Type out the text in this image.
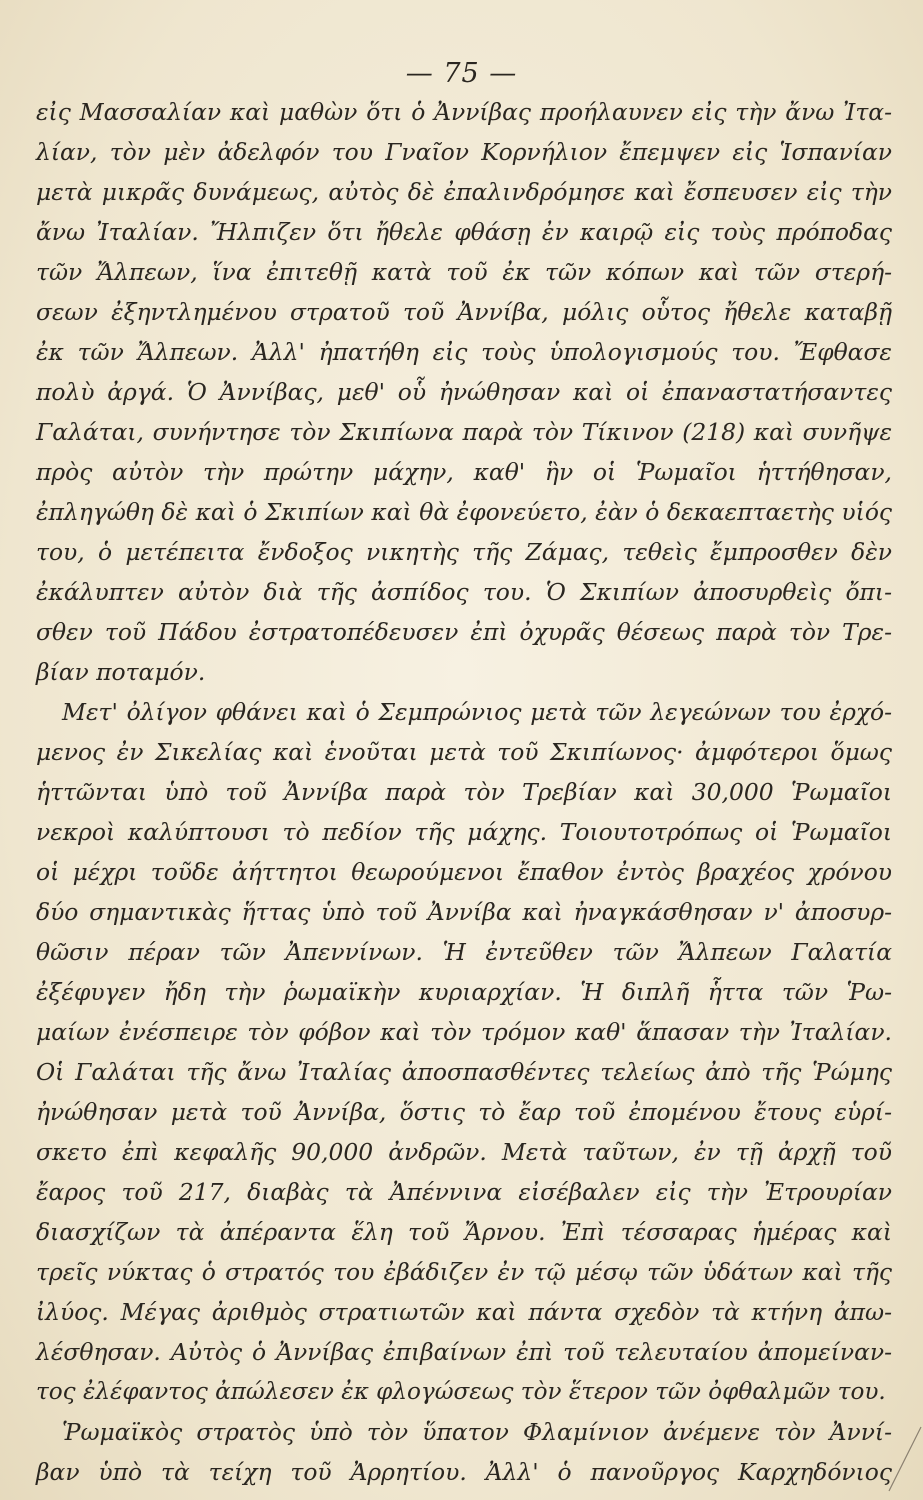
— 75 —
εἰς Μασσαλίαν καὶ μαθὼν ὅτι ὁ Ἀννίβας προήλαυνεν εἰς τὴν ἄνω Ἰτα-
λίαν, τὸν μὲν ἀδελφόν του Γναῖον Κορνήλιον ἔπεμψεν εἰς Ἱσπανίαν
μετὰ μικρᾶς δυνάμεως, αὐτὸς δὲ ἐπαλινδρόμησε καὶ ἔσπευσεν εἰς τὴν
ἄνω Ἰταλίαν. Ἤλπιζεν ὅτι ἤθελε φθάσῃ ἐν καιρῷ εἰς τοὺς πρόποδας
τῶν Ἄλπεων, ἵνα ἐπιτεθῇ κατὰ τοῦ ἐκ τῶν κόπων καὶ τῶν στερή-
σεων ἐξηντλημένου στρατοῦ τοῦ Ἀννίβα, μόλις οὗτος ἤθελε καταβῇ
ἐκ τῶν Ἄλπεων. Ἀλλ' ἠπατήθη εἰς τοὺς ὑπολογισμούς του. Ἔφθασε
πολὺ ἀργά. Ὁ Ἀννίβας, μεθ' οὗ ἠνώθησαν καὶ οἱ ἐπαναστατήσαντες
Γαλάται, συνήντησε τὸν Σκιπίωνα παρὰ τὸν Τίκινον (218) καὶ συνῆψε
πρὸς αὐτὸν τὴν πρώτην μάχην, καθ' ἣν οἱ Ῥωμαῖοι ἡττήθησαν,
ἐπληγώθη δὲ καὶ ὁ Σκιπίων καὶ θὰ ἐφονεύετο, ἐὰν ὁ δεκαεπταετὴς υἱός
του, ὁ μετέπειτα ἔνδοξος νικητὴς τῆς Ζάμας, τεθεὶς ἔμπροσθεν δὲν
ἐκάλυπτεν αὐτὸν διὰ τῆς ἀσπίδος του. Ὁ Σκιπίων ἀποσυρθεὶς ὄπι-
σθεν τοῦ Πάδου ἐστρατοπέδευσεν ἐπὶ ὀχυρᾶς θέσεως παρὰ τὸν Τρε-
βίαν ποταμόν.
Μετ' ὀλίγον φθάνει καὶ ὁ Σεμπρώνιος μετὰ τῶν λεγεώνων του ἐρχό-
μενος ἐν Σικελίας καὶ ἑνοῦται μετὰ τοῦ Σκιπίωνος· ἀμφότεροι ὅμως
ἡττῶνται ὑπὸ τοῦ Ἀννίβα παρὰ τὸν Τρεβίαν καὶ 30,000 Ῥωμαῖοι
νεκροὶ καλύπτουσι τὸ πεδίον τῆς μάχης. Τοιουτοτρόπως οἱ Ῥωμαῖοι
οἱ μέχρι τοῦδε ἀήττητοι θεωρούμενοι ἔπαθον ἐντὸς βραχέος χρόνου
δύο σημαντικὰς ἥττας ὑπὸ τοῦ Ἀννίβα καὶ ἠναγκάσθησαν ν' ἀποσυρ-
θῶσιν πέραν τῶν Ἀπεννίνων. Ἡ ἐντεῦθεν τῶν Ἄλπεων Γαλατία
ἐξέφυγεν ἤδη τὴν ῥωμαϊκὴν κυριαρχίαν. Ἡ διπλῆ ἧττα τῶν Ῥω-
μαίων ἐνέσπειρε τὸν φόβον καὶ τὸν τρόμον καθ' ἅπασαν τὴν Ἰταλίαν.
Οἱ Γαλάται τῆς ἄνω Ἰταλίας ἀποσπασθέντες τελείως ἀπὸ τῆς Ῥώμης
ἠνώθησαν μετὰ τοῦ Ἀννίβα, ὅστις τὸ ἔαρ τοῦ ἐπομένου ἔτους εὑρί-
σκετο ἐπὶ κεφαλῆς 90,000 ἀνδρῶν. Μετὰ ταῦτων, ἐν τῇ ἀρχῇ τοῦ
ἔαρος τοῦ 217, διαβὰς τὰ Ἀπέννινα εἰσέβαλεν εἰς τὴν Ἐτρουρίαν
διασχίζων τὰ ἀπέραντα ἕλη τοῦ Ἄρνου. Ἐπὶ τέσσαρας ἡμέρας καὶ
τρεῖς νύκτας ὁ στρατός του ἐβάδιζεν ἐν τῷ μέσῳ τῶν ὑδάτων καὶ τῆς
ἰλύος. Μέγας ἀριθμὸς στρατιωτῶν καὶ πάντα σχεδὸν τὰ κτήνη ἀπω-
λέσθησαν. Αὐτὸς ὁ Ἀννίβας ἐπιβαίνων ἐπὶ τοῦ τελευταίου ἀπομείναν-
τος ἐλέφαντος ἀπώλεσεν ἐκ φλογώσεως τὸν ἕτερον τῶν ὀφθαλμῶν του.
Ῥωμαϊκὸς στρατὸς ὑπὸ τὸν ὕπατον Φλαμίνιον ἀνέμενε τὸν Ἀννί-
βαν ὑπὸ τὰ τείχη τοῦ Ἀρρητίου. Ἀλλ' ὁ πανοῦργος Καρχηδόνιος
